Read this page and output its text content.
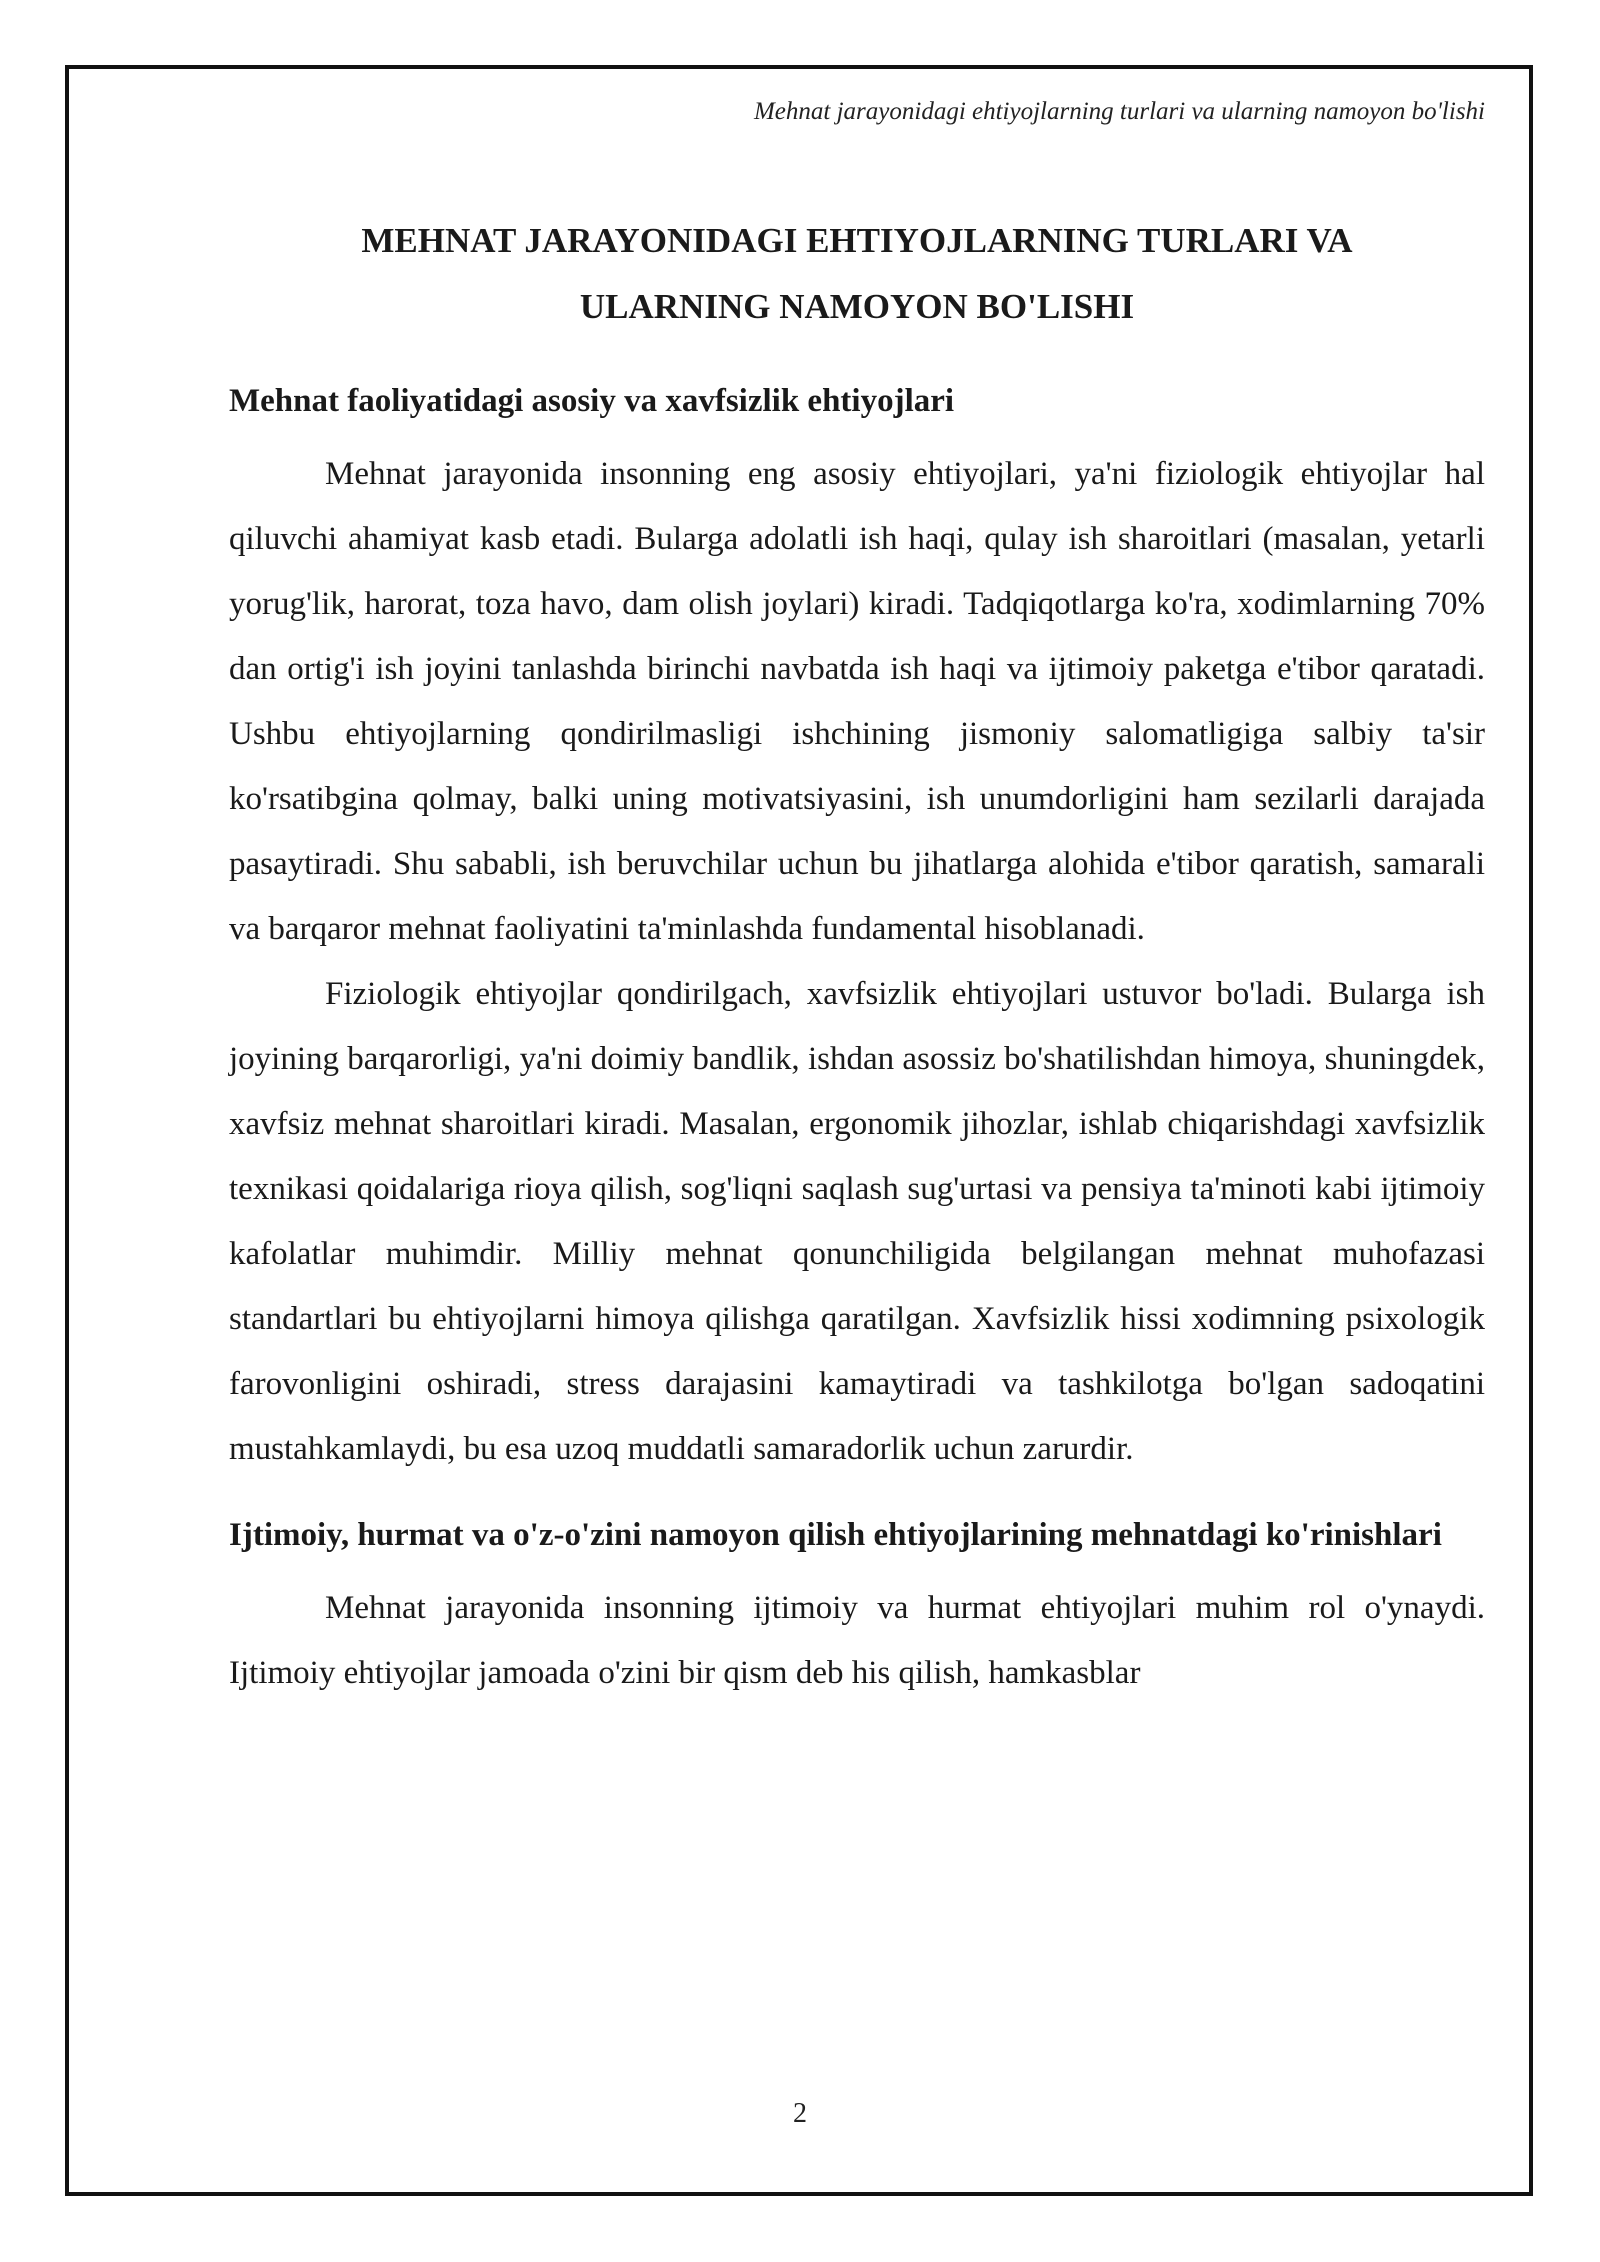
Mehnat jarayonidagi ehtiyojlarning turlari va ularning namoyon bo'lishi
MEHNAT JARAYONIDAGI EHTIYOJLARNING TURLARI VA ULARNING NAMOYON BO'LISHI
Mehnat faoliyatidagi asosiy va xavfsizlik ehtiyojlari

Mehnat jarayonida insonning eng asosiy ehtiyojlari, ya'ni fiziologik ehtiyojlar hal qiluvchi ahamiyat kasb etadi. Bularga adolatli ish haqi, qulay ish sharoitlari (masalan, yetarli yorug'lik, harorat, toza havo, dam olish joylari) kiradi. Tadqiqotlarga ko'ra, xodimlarning 70% dan ortig'i ish joyini tanlashda birinchi navbatda ish haqi va ijtimoiy paketga e'tibor qaratadi. Ushbu ehtiyojlarning qondirilmasligi ishchining jismoniy salomatligiga salbiy ta'sir ko'rsatibgina qolmay, balki uning motivatsiyasini, ish unumdorligini ham sezilarli darajada pasaytiradi. Shu sababli, ish beruvchilar uchun bu jihatlarga alohida e'tibor qaratish, samarali va barqaror mehnat faoliyatini ta'minlashda fundamental hisoblanadi.

Fiziologik ehtiyojlar qondirilgach, xavfsizlik ehtiyojlari ustuvor bo'ladi. Bularga ish joyining barqarorligi, ya'ni doimiy bandlik, ishdan asossiz bo'shatilishdan himoya, shuningdek, xavfsiz mehnat sharoitlari kiradi. Masalan, ergonomik jihozlar, ishlab chiqarishdagi xavfsizlik texnikasi qoidalariga rioya qilish, sog'liqni saqlash sug'urtasi va pensiya ta'minoti kabi ijtimoiy kafolatlar muhimdir. Milliy mehnat qonunchiligida belgilangan mehnat muhofazasi standartlari bu ehtiyojlarni himoya qilishga qaratilgan. Xavfsizlik hissi xodimning psixologik farovonligini oshiradi, stress darajasini kamaytiradi va tashkilotga bo'lgan sadoqatini mustahkamlaydi, bu esa uzoq muddatli samaradorlik uchun zarurdir.

Ijtimoiy, hurmat va o'z-o'zini namoyon qilish ehtiyojlarining mehnatdagi ko'rinishlari

Mehnat jarayonida insonning ijtimoiy va hurmat ehtiyojlari muhim rol o'ynaydi. Ijtimoiy ehtiyojlar jamoada o'zini bir qism deb his qilish, hamkasblar

2
